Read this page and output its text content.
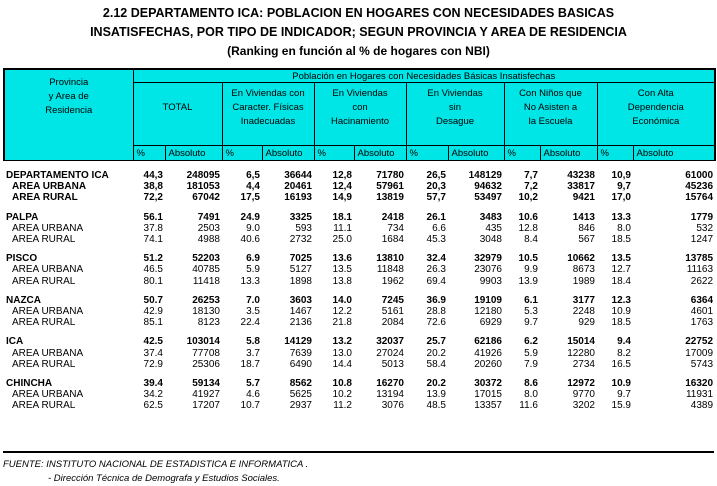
2.12 DEPARTAMENTO ICA: POBLACION EN HOGARES CON NECESIDADES BASICAS
INSATISFECHAS, POR TIPO DE INDICADOR; SEGUN PROVINCIA Y AREA DE RESIDENCIA
(Ranking en función al % de hogares con NBI)
Provincia
y Area de
Residencia	Población en Hogares con Necesidades Básicas Insatisfechas											

TOTAL		En Viviendas con
Caracter. Físicas
Inadecuadas		En Viviendas
con
Hacinamiento		En Viviendas
sin
Desague		Con Niños que
No Asisten a
la Escuela		Con Alta
Dependencia
Económica	
	%	Absoluto	%	Absoluto	%	Absoluto	%	Absoluto	%	Absoluto	%	Absoluto

DEPARTAMENTO ICA	44,3	248095	6,5	36644	12,8	71780	26,5	148129	7,7	43238	10,9	61000
AREA URBANA	38,8	181053	4,4	20461	12,4	57961	20,3	94632	7,2	33817	9,7	45236
AREA RURAL	72,2	67042	17,5	16193	14,9	13819	57,7	53497	10,2	9421	17,0	15764

PALPA	56.1	7491	24.9	3325	18.1	2418	26.1	3483	10.6	1413	13.3	1779
AREA URBANA	37.8	2503	9.0	593	11.1	734	6.6	435	12.8	846	8.0	532
AREA RURAL	74.1	4988	40.6	2732	25.0	1684	45.3	3048	8.4	567	18.5	1247

PISCO	51.2	52203	6.9	7025	13.6	13810	32.4	32979	10.5	10662	13.5	13785
AREA URBANA	46.5	40785	5.9	5127	13.5	11848	26.3	23076	9.9	8673	12.7	11163
AREA RURAL	80.1	11418	13.3	1898	13.8	1962	69.4	9903	13.9	1989	18.4	2622

NAZCA	50.7	26253	7.0	3603	14.0	7245	36.9	19109	6.1	3177	12.3	6364
AREA URBANA	42.9	18130	3.5	1467	12.2	5161	28.8	12180	5.3	2248	10.9	4601
AREA RURAL	85.1	8123	22.4	2136	21.8	2084	72.6	6929	9.7	929	18.5	1763

ICA	42.5	103014	5.8	14129	13.2	32037	25.7	62186	6.2	15014	9.4	22752
AREA URBANA	37.4	77708	3.7	7639	13.0	27024	20.2	41926	5.9	12280	8.2	17009
AREA RURAL	72.9	25306	18.7	6490	14.4	5013	58.4	20260	7.9	2734	16.5	5743

CHINCHA	39.4	59134	5.7	8562	10.8	16270	20.2	30372	8.6	12972	10.9	16320
AREA URBANA	34.2	41927	4.6	5625	10.2	13194	13.9	17015	8.0	9770	9.7	11931
AREA RURAL	62.5	17207	10.7	2937	11.2	3076	48.5	13357	11.6	3202	15.9	4389
FUENTE: INSTITUTO NACIONAL DE ESTADISTICA E INFORMATICA .
- Dirección Técnica de Demografa y Estudios Sociales.
